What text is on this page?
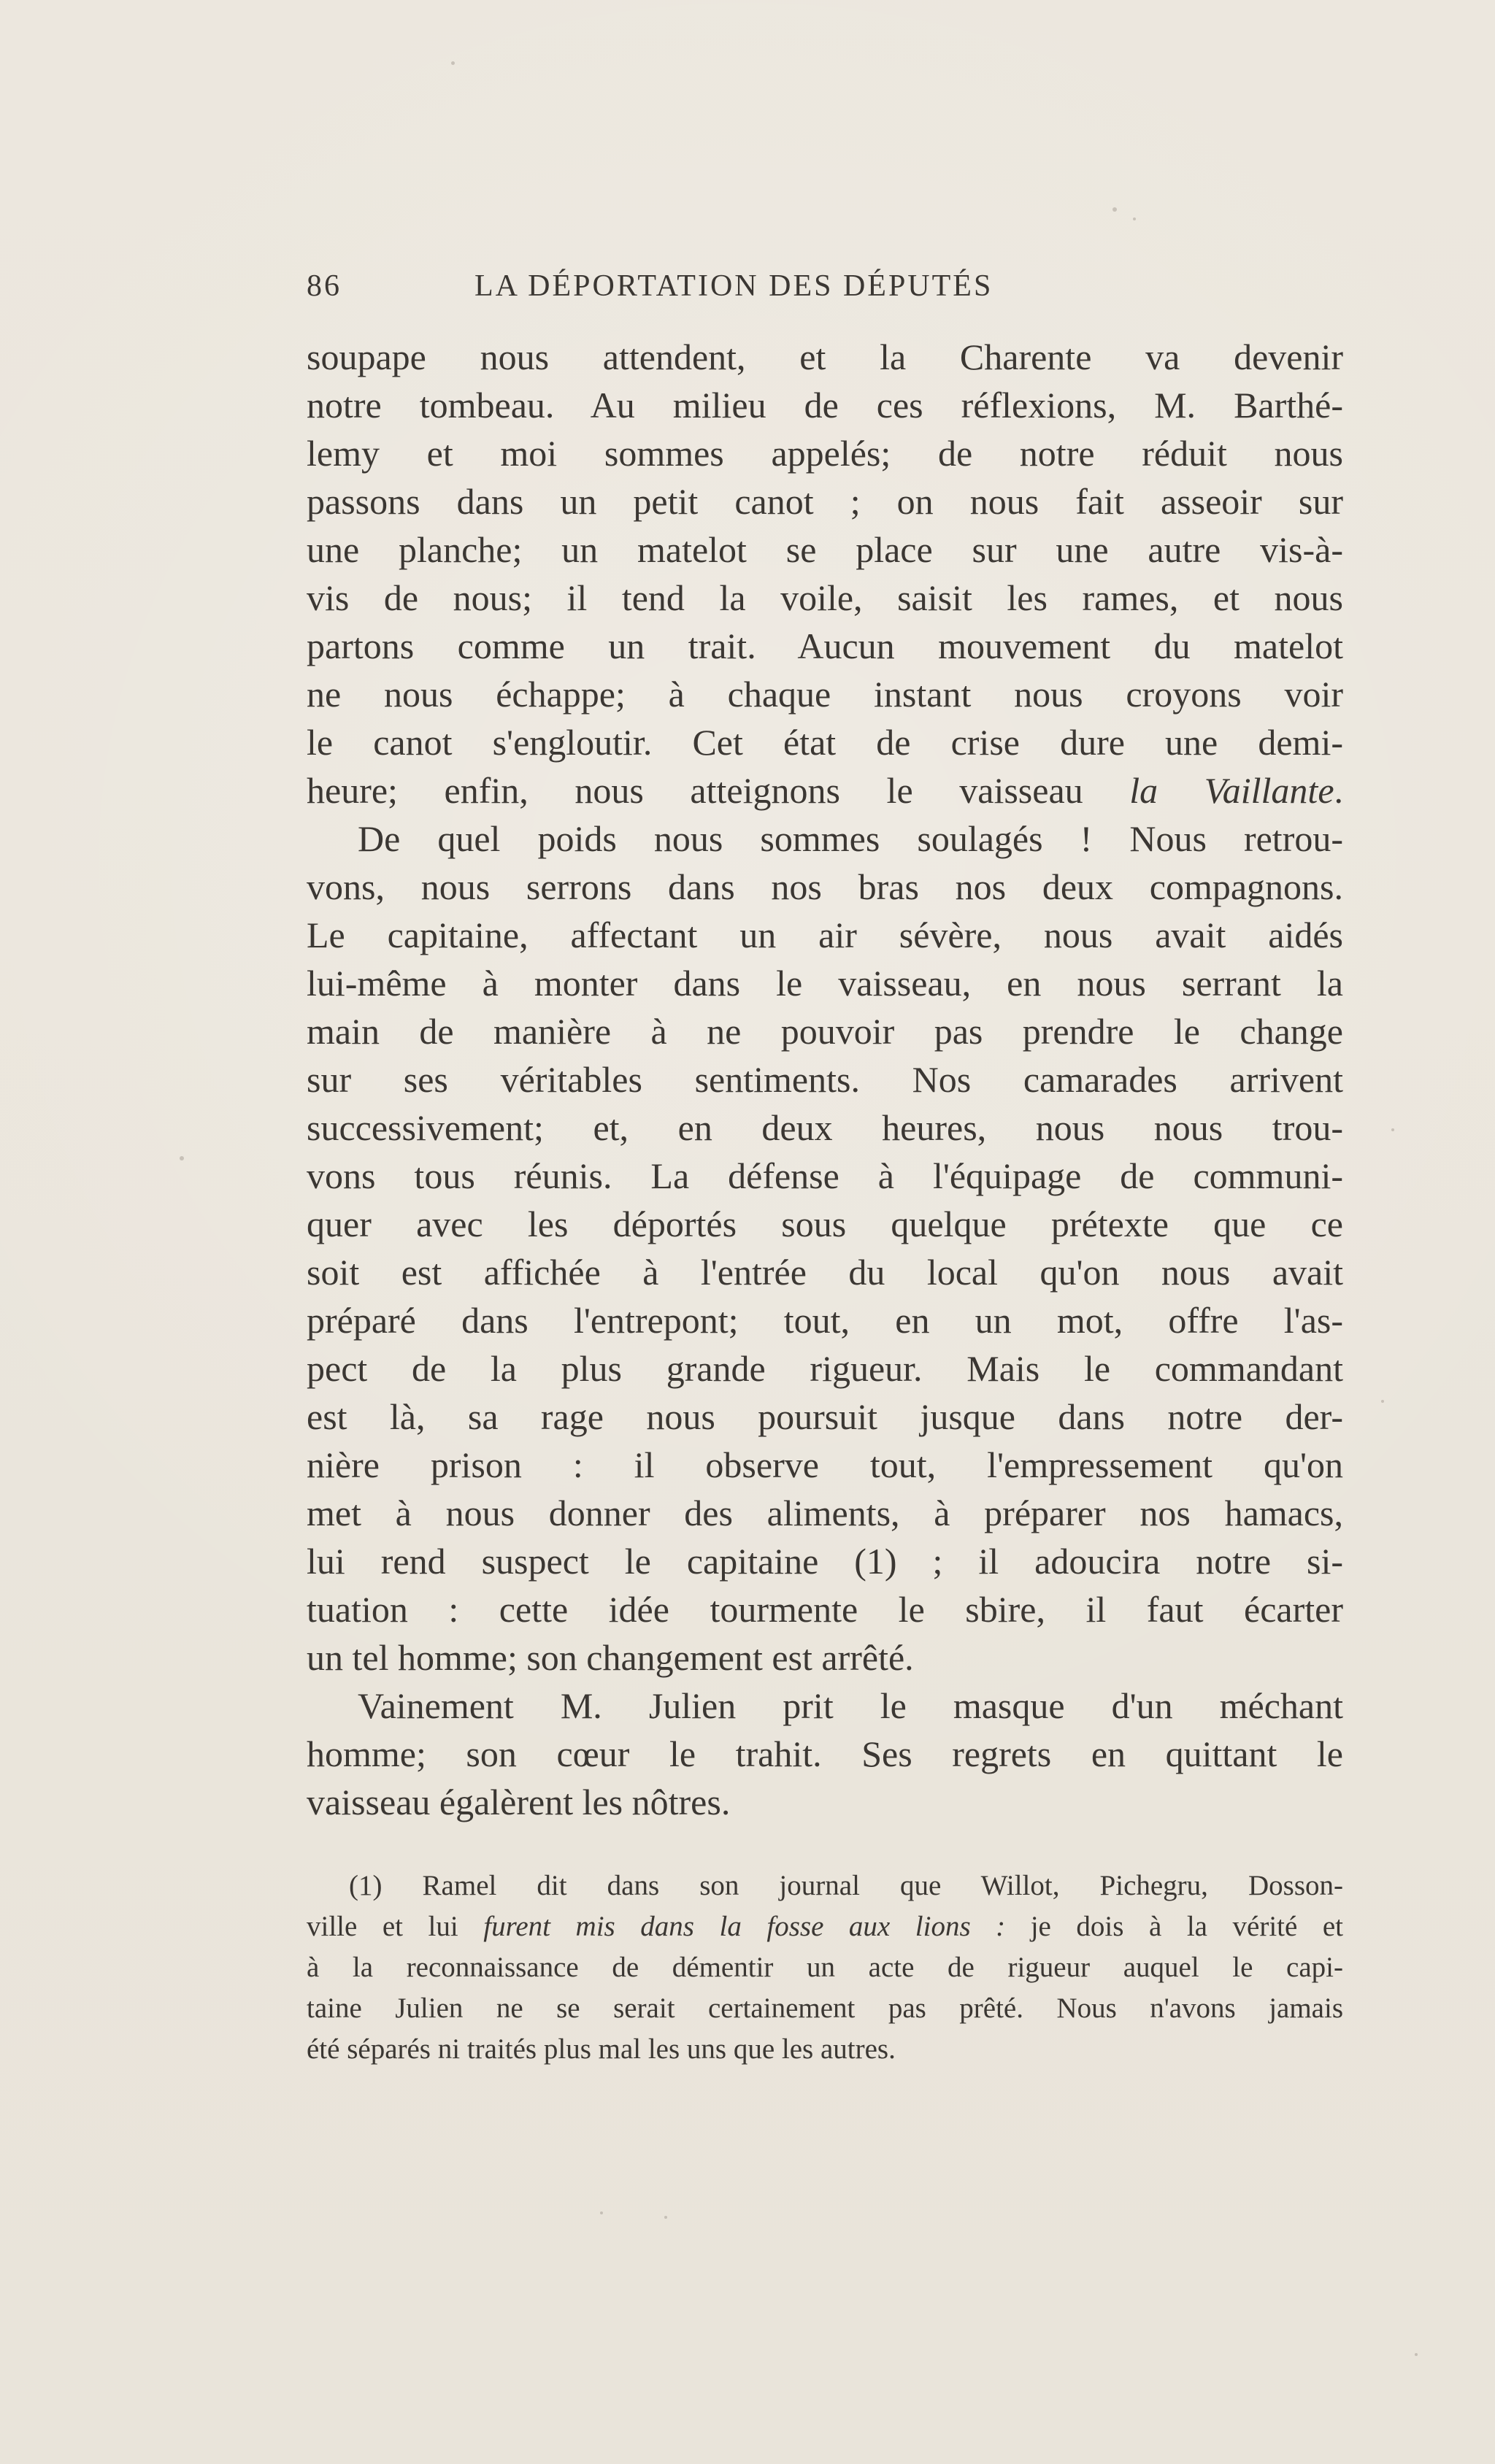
86	LA DÉPORTATION DES DÉPUTÉS
soupape nous attendent, et la Charente va devenir
notre tombeau. Au milieu de ces réflexions, M. Barthé-
lemy et moi sommes appelés; de notre réduit nous
passons dans un petit canot ; on nous fait asseoir sur
une planche; un matelot se place sur une autre vis-à-
vis de nous; il tend la voile, saisit les rames, et nous
partons comme un trait. Aucun mouvement du matelot
ne nous échappe; à chaque instant nous croyons voir
le canot s'engloutir. Cet état de crise dure une demi-
heure; enfin, nous atteignons le vaisseau la Vaillante.
De quel poids nous sommes soulagés ! Nous retrou-
vons, nous serrons dans nos bras nos deux compagnons.
Le capitaine, affectant un air sévère, nous avait aidés
lui-même à monter dans le vaisseau, en nous serrant la
main de manière à ne pouvoir pas prendre le change
sur ses véritables sentiments. Nos camarades arrivent
successivement; et, en deux heures, nous nous trou-
vons tous réunis. La défense à l'équipage de communi-
quer avec les déportés sous quelque prétexte que ce
soit est affichée à l'entrée du local qu'on nous avait
préparé dans l'entrepont; tout, en un mot, offre l'as-
pect de la plus grande rigueur. Mais le commandant
est là, sa rage nous poursuit jusque dans notre der-
nière prison : il observe tout, l'empressement qu'on
met à nous donner des aliments, à préparer nos hamacs,
lui rend suspect le capitaine (1) ; il adoucira notre si-
tuation : cette idée tourmente le sbire, il faut écarter
un tel homme; son changement est arrêté.
Vainement M. Julien prit le masque d'un méchant
homme; son cœur le trahit. Ses regrets en quittant le
vaisseau égalèrent les nôtres.
(1) Ramel dit dans son journal que Willot, Pichegru, Dosson-
ville et lui furent mis dans la fosse aux lions : je dois à la vérité et
à la reconnaissance de démentir un acte de rigueur auquel le capi-
taine Julien ne se serait certainement pas prêté. Nous n'avons jamais
été séparés ni traités plus mal les uns que les autres.
